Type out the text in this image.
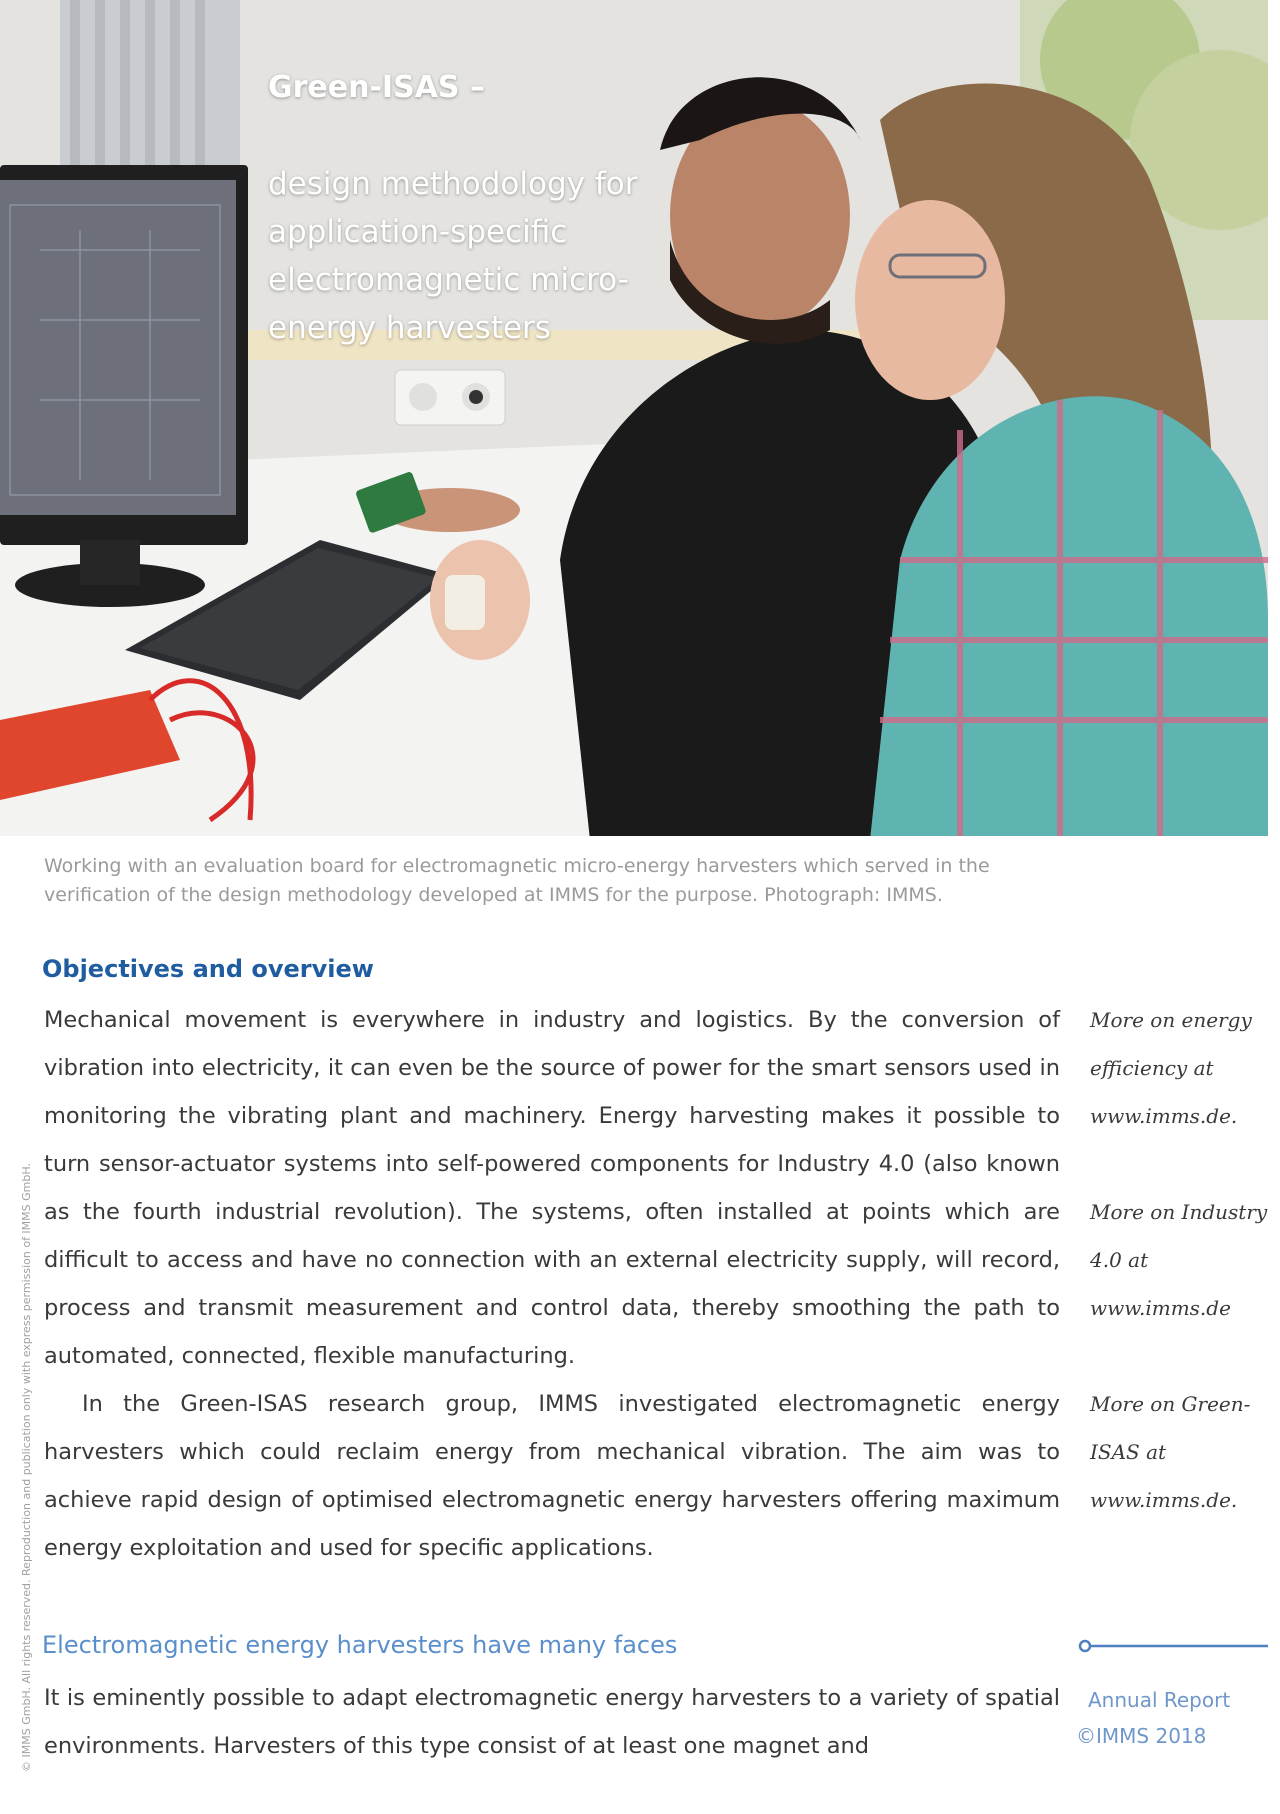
Green-ISAS –

design methodology for application-specific electromagnetic micro-energy harvesters

Working with an evaluation board for electromagnetic micro-energy harvesters which served in the verification of the design methodology developed at IMMS for the purpose. Photograph: IMMS.

© IMMS GmbH. All rights reserved. Reproduction and publication only with express permission of IMMS GmbH.
Objectives and overview

Mechanical movement is everywhere in industry and logistics. By the conversion of vibration into electricity, it can even be the source of power for the smart sensors used in monitoring the vibrating plant and machinery. Energy harvesting makes it possible to turn sensor-actuator systems into self-powered components for Industry 4.0 (also known as the fourth industrial revolution). The systems, often installed at points which are difficult to access and have no connection with an external electricity supply, will record, process and transmit measurement and control data, thereby smoothing the path to automated, connected, flexible manufacturing.

In the Green-ISAS research group, IMMS investigated electromagnetic energy harvesters which could reclaim energy from mechanical vibration. The aim was to achieve rapid design of optimised electromagnetic energy harvesters offering maximum energy exploitation and used for specific applications.

More on energy efficiency at www.imms.de.

More on Industry 4.0 at www.imms.de

More on Green-ISAS at www.imms.de.

Electromagnetic energy harvesters have many faces

It is eminently possible to adapt electromagnetic energy harvesters to a variety of spatial environments. Harvesters of this type consist of at least one magnet and

Annual Report

©IMMS 2018
